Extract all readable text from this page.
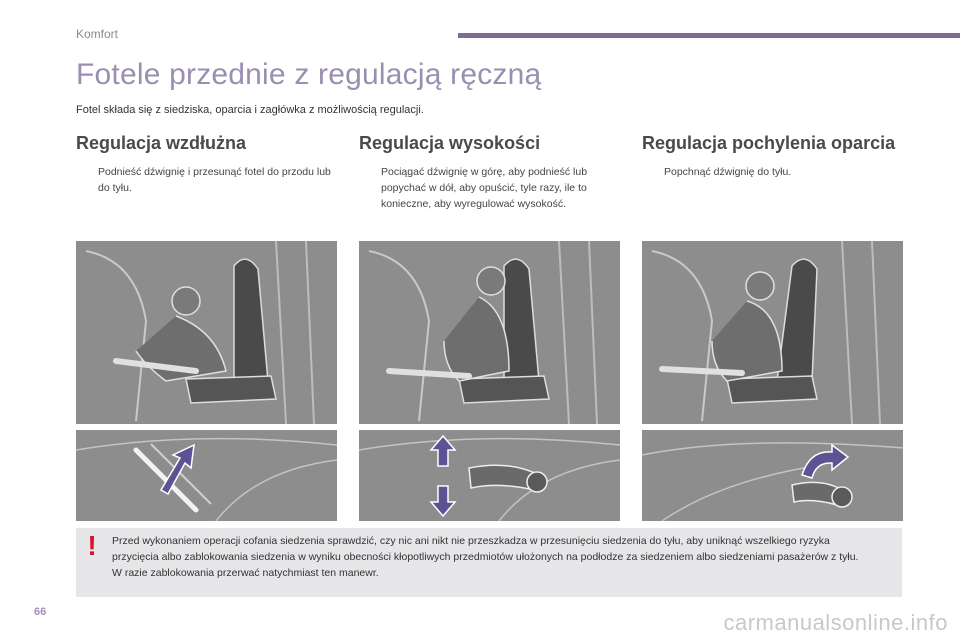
Komfort
Fotele przednie z regulacją ręczną

Fotel składa się z siedziska, oparcia i zagłówka z możliwością regulacji.

Regulacja wzdłużna
Podnieść dźwignię i przesunąć fotel do przodu lub do tyłu.
Regulacja wysokości
Pociągać dźwignię w górę, aby podnieść lub popychać w dół, aby opuścić, tyle razy, ile to konieczne, aby wyregulować wysokość.
Regulacja pochylenia oparcia
Popchnąć dźwignię do tyłu.
! Przed wykonaniem operacji cofania siedzenia sprawdzić, czy nic ani nikt nie przeszkadza w przesunięciu siedzenia do tyłu, aby uniknąć wszelkiego ryzyka przycięcia albo zablokowania siedzenia w wyniku obecności kłopotliwych przedmiotów ułożonych na podłodze za siedzeniem albo siedzeniami pasażerów z tyłu. W razie zablokowania przerwać natychmiast ten manewr.

66	carmanualsonline.info
